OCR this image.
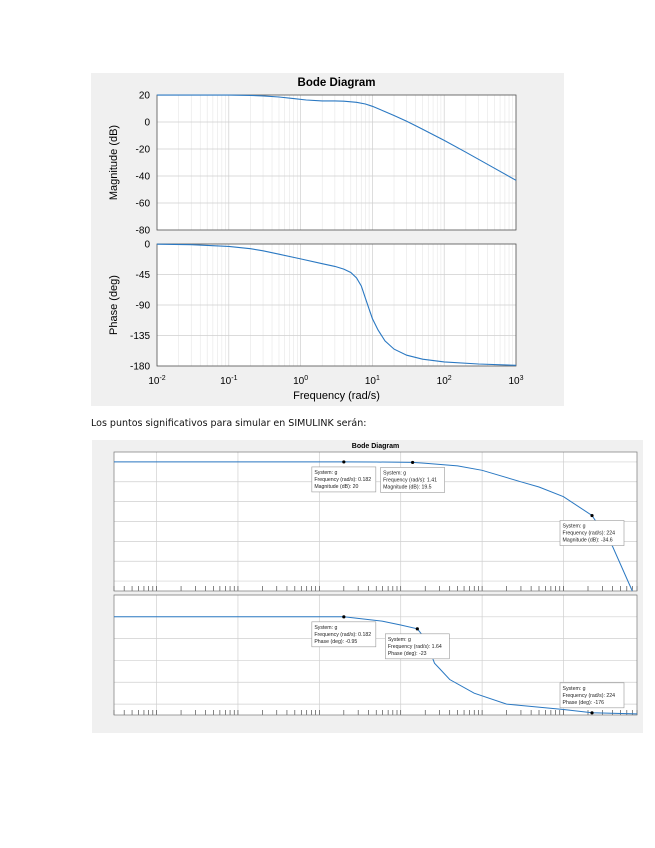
Bode Diagram
20
0
-20
-40
-60
-80
Magnitude (dB)
0
-45
-90
-135
-180
Phase (deg)
$10^{-2}$	$10^{-1}$	$10^0$	$10^1$	$10^2$	$10^3$
Frequency (rad/s)
Los puntos significativos para simular en SIMULINK serán:
Bode Diagram
System: g
Frequency (rad/s): 0.182
Magnitude (dB): 20
System: g
Frequency (rad/s): 1.41
Magnitude (dB): 19.5
System: g
Frequency (rad/s): 224
Magnitude (dB): -34.6
System: g
Frequency (rad/s): 0.182
Phase (deg): -0.95	System: g
Frequency (rad/s): 1.64
Phase (deg): -23
System: g
Frequency (rad/s): 224
Phase (deg): -176
